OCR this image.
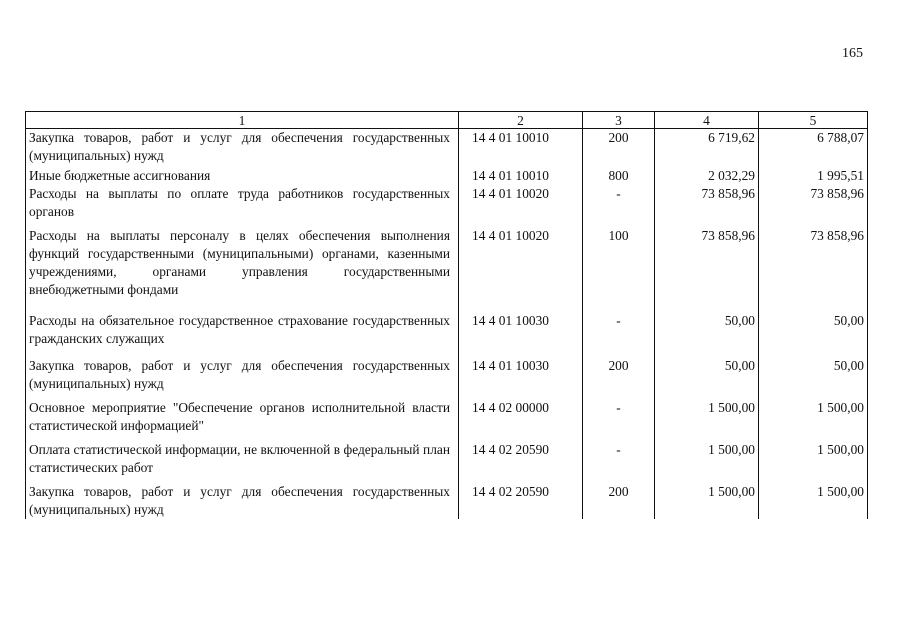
165
1	2	3	4	5
Закупка товаров, работ и услуг для обеспечения государственных (муниципальных) нужд	14 4 01 10010	200	6 719,62	6 788,07
Иные бюджетные ассигнования	14 4 01 10010	800	2 032,29	1 995,51
Расходы на выплаты по оплате труда работников государственных органов	14 4 01 10020	-	73 858,96	73 858,96
Расходы на выплаты персоналу в целях обеспечения выполнения функций государственными (муниципальными) органами, казенными учреждениями, органами управления государственными внебюджетными фондами	14 4 01 10020	100	73 858,96	73 858,96
Расходы на обязательное государственное страхование государственных гражданских служащих	14 4 01 10030	-	50,00	50,00
Закупка товаров, работ и услуг для обеспечения государственных (муниципальных) нужд	14 4 01 10030	200	50,00	50,00
Основное мероприятие "Обеспечение органов исполнительной власти статистической информацией"	14 4 02 00000	-	1 500,00	1 500,00
Оплата статистической информации, не включенной в федеральный план статистических работ	14 4 02 20590	-	1 500,00	1 500,00
Закупка товаров, работ и услуг для обеспечения государственных (муниципальных) нужд	14 4 02 20590	200	1 500,00	1 500,00
